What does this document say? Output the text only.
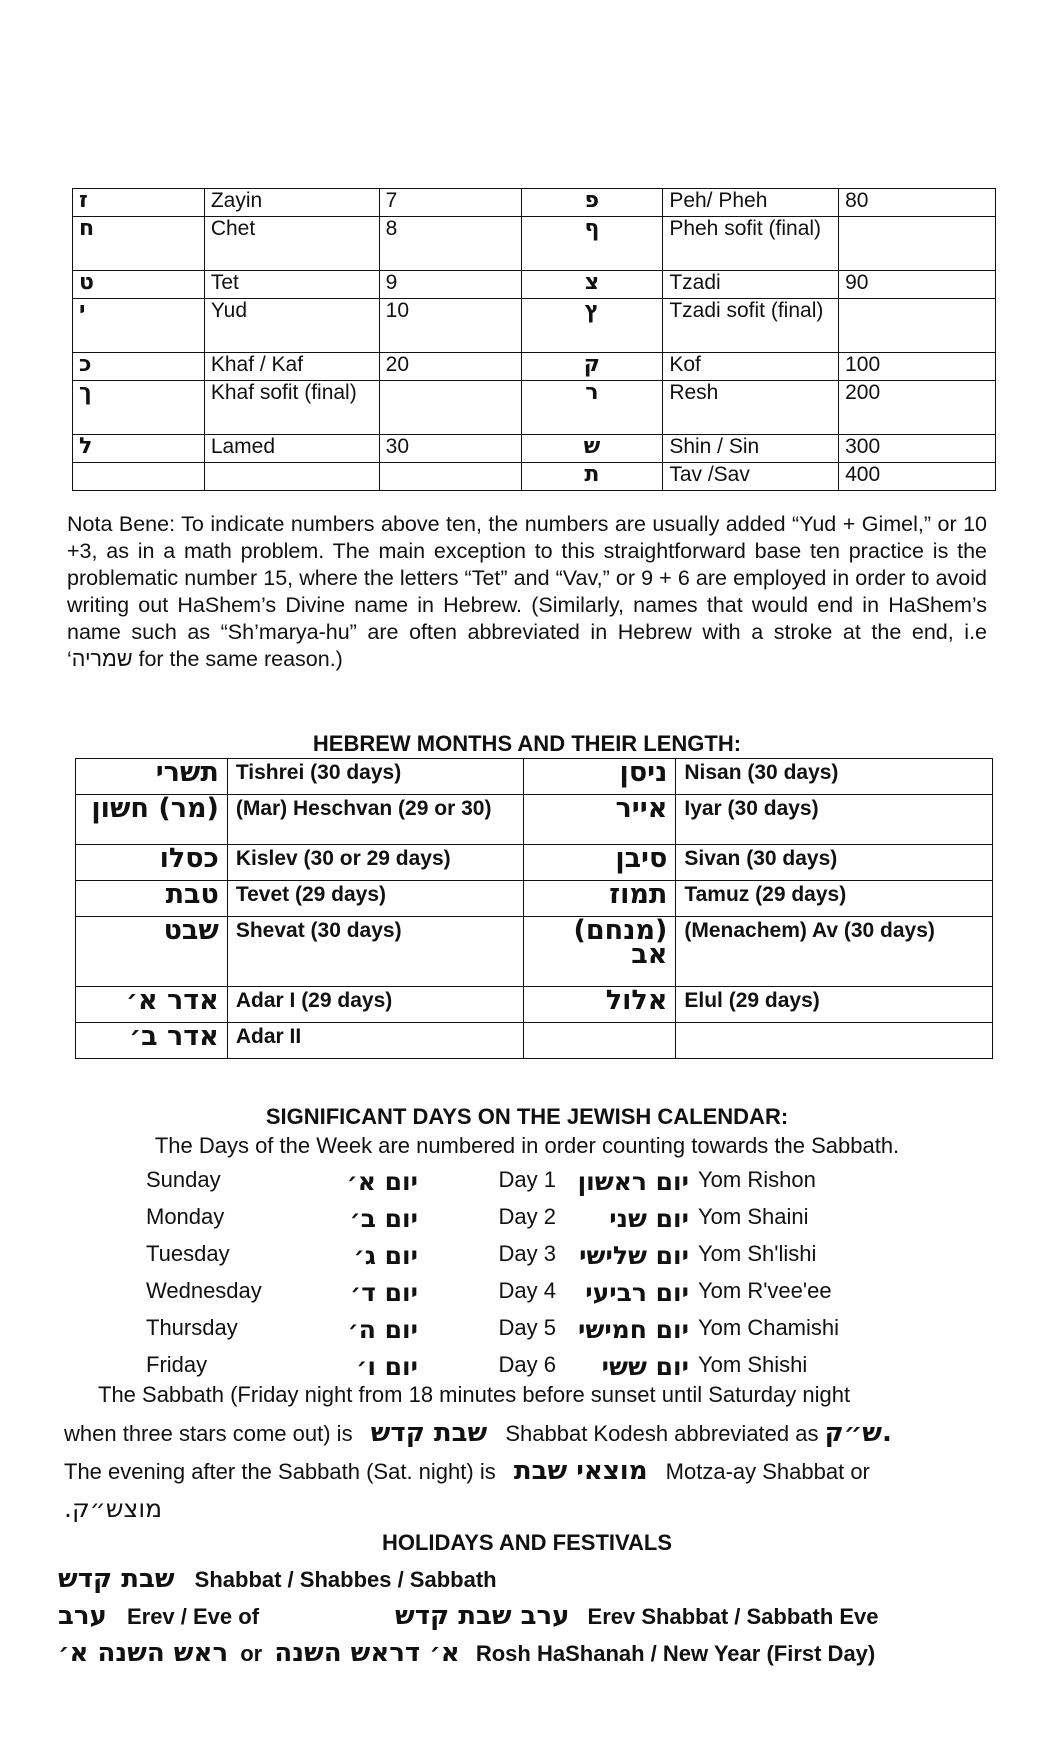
ז	Zayin	7	פ	Peh/ Pheh	80
ח	Chet	8	ף	Pheh sofit (final)	
ט	Tet	9	צ	Tzadi	90
י	Yud	10	ץ	Tzadi sofit (final)	
כ	Khaf / Kaf	20	ק	Kof	100
ך	Khaf sofit (final)		ר	Resh	200
ל	Lamed	30	ש	Shin / Sin	300
			ת	Tav /Sav	400
Nota Bene: To indicate numbers above ten, the numbers are usually added “Yud + Gimel,” or 10 +3, as in a math problem. The main exception to this straightforward base ten practice is the problematic number 15, where the letters “Tet” and “Vav,” or 9 + 6 are employed in order to avoid writing out HaShem’s Divine name in Hebrew. (Similarly, names that would end in HaShem’s name such as “Sh’marya-hu” are often abbreviated in Hebrew with a stroke at the end, i.e ‘שמריה for the same reason.)
HEBREW MONTHS AND THEIR LENGTH:
תשרי	Tishrei (30 days)	ניסן	Nisan (30 days)
(מר) חשון	(Mar) Heschvan (29 or 30)	אייר	Iyar (30 days)
כסלו	Kislev (30 or 29 days)	סיבן	Sivan (30 days)
טבת	Tevet (29 days)	תמוז	Tamuz (29 days)
שבט	Shevat (30 days)	(מנחם) אב	(Menachem) Av (30 days)
אדר א׳	Adar I (29 days)	אלול	Elul (29 days)
אדר ב׳	Adar II		
SIGNIFICANT DAYS ON THE JEWISH CALENDAR:
The Days of the Week are numbered in order counting towards the Sabbath.
Sunday	יום א׳	Day 1 יום ראשון Yom Rishon
Monday	יום ב׳	Day 2	יום שני Yom Shaini
Tuesday	יום ג׳	Day 3 יום שלישי Yom Sh'lishi
Wednesday	יום ד׳	Day 4	יום רביעי Yom R'vee'ee
Thursday	יום ה׳	Day 5 יום חמישי Yom Chamishi
Friday	יום ו׳	Day 6	יום ששי Yom Shishi
The Sabbath (Friday night from 18 minutes before sunset until Saturday night
when three stars come out) is שבת קדש Shabbat Kodesh abbreviated as ש״ק.
The evening after the Sabbath (Sat. night) is מוצאי שבת Motza-ay Shabbat or
מוצש״ק.
HOLIDAYS AND FESTIVALS
שבת קדש Shabbat / Shabbes / Sabbath
ערב Erev / Eve of	ערב שבת קדש Erev Shabbat / Sabbath Eve
ראש השנה א׳ or א׳ דראש השנה Rosh HaShanah / New Year (First Day)
